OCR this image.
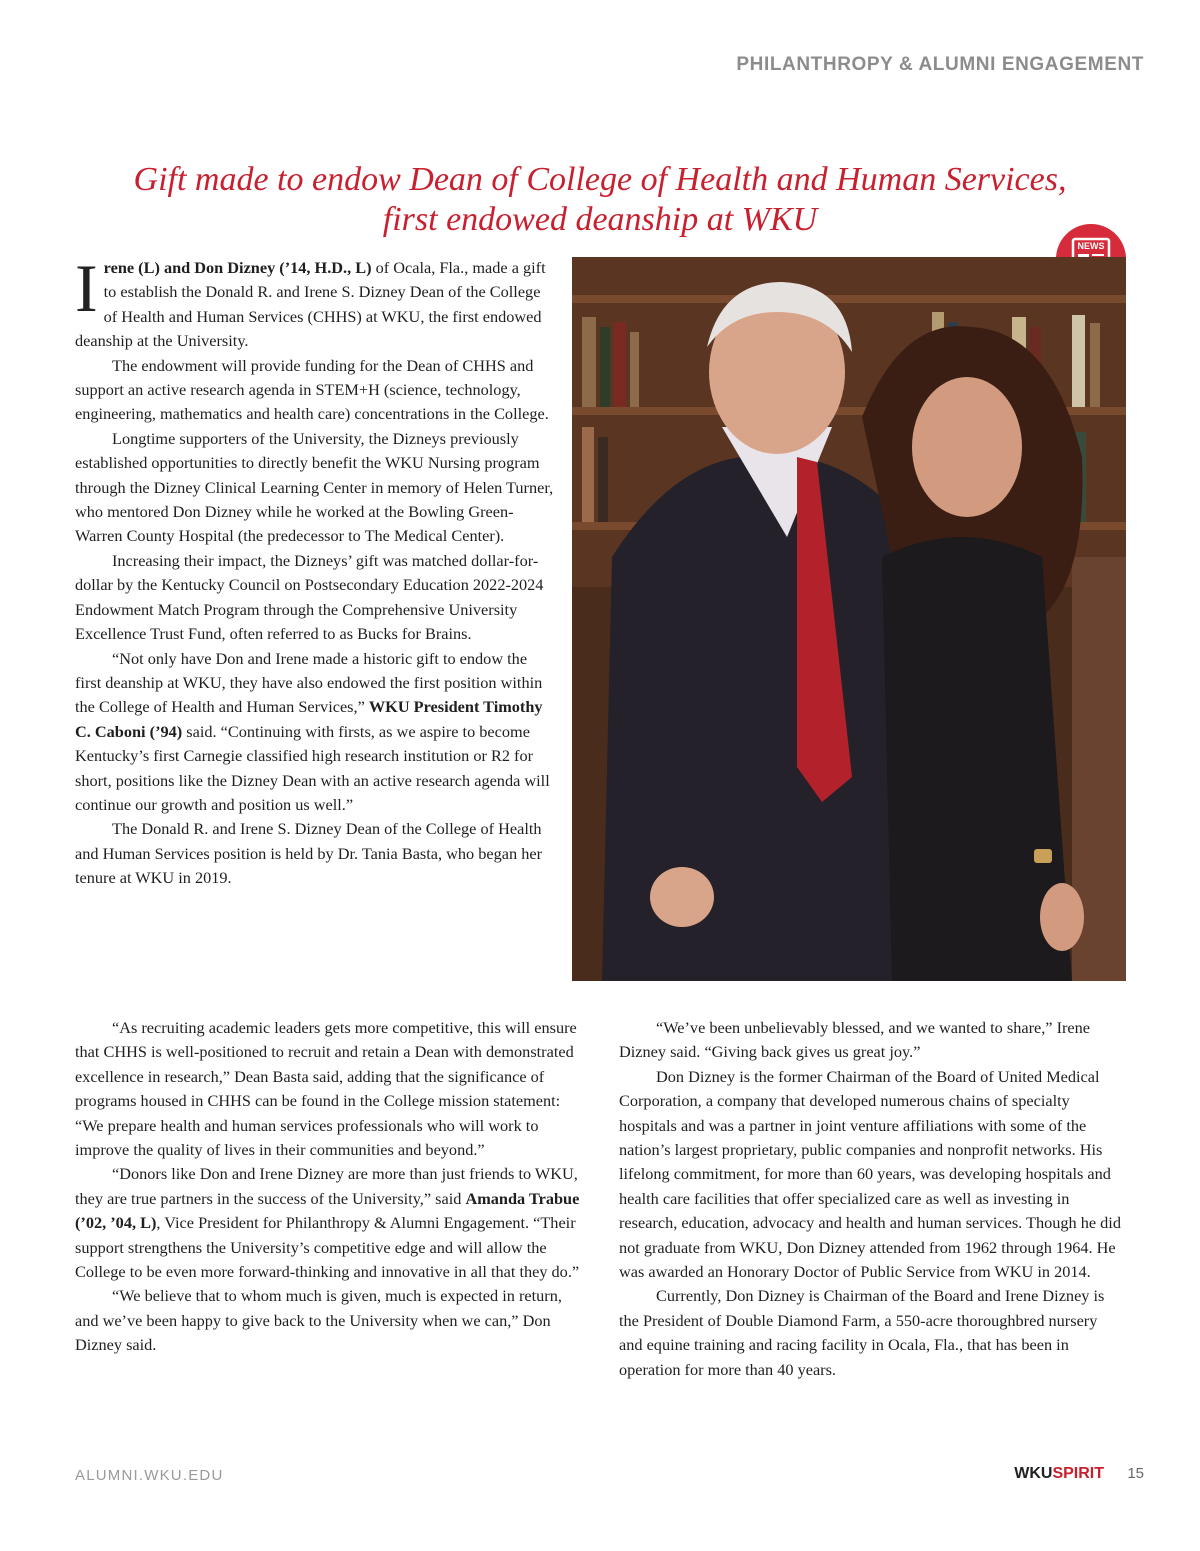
PHILANTHROPY & ALUMNI ENGAGEMENT
Gift made to endow Dean of College of Health and Human Services,
first endowed deanship at WKU
NEWS

Irene (L) and Don Dizney (’14, H.D., L) of Ocala, Fla., made a gift to establish the Donald R. and Irene S. Dizney Dean of the College of Health and Human Services (CHHS) at WKU, the first endowed deanship at the University.

The endowment will provide funding for the Dean of CHHS and support an active research agenda in STEM+H (science, technology, engineering, mathematics and health care) concentrations in the College.

Longtime supporters of the University, the Dizneys previously established opportunities to directly benefit the WKU Nursing program through the Dizney Clinical Learning Center in memory of Helen Turner, who mentored Don Dizney while he worked at the Bowling Green-Warren County Hospital (the predecessor to The Medical Center).

Increasing their impact, the Dizneys’ gift was matched dollar-for-dollar by the Kentucky Council on Postsecondary Education 2022-2024 Endowment Match Program through the Comprehensive University Excellence Trust Fund, often referred to as Bucks for Brains.

“Not only have Don and Irene made a historic gift to endow the first deanship at WKU, they have also endowed the first position within the College of Health and Human Services,” WKU President Timothy C. Caboni (’94) said. “Continuing with firsts, as we aspire to become Kentucky’s first Carnegie classified high research institution or R2 for short, positions like the Dizney Dean with an active research agenda will continue our growth and position us well.”

The Donald R. and Irene S. Dizney Dean of the College of Health and Human Services position is held by Dr. Tania Basta, who began her tenure at WKU in 2019.

“As recruiting academic leaders gets more competitive, this will ensure that CHHS is well-positioned to recruit and retain a Dean with demonstrated excellence in research,” Dean Basta said, adding that the significance of programs housed in CHHS can be found in the College mission statement: “We prepare health and human services professionals who will work to improve the quality of lives in their communities and beyond.”

“Donors like Don and Irene Dizney are more than just friends to WKU, they are true partners in the success of the University,” said Amanda Trabue (’02, ’04, L), Vice President for Philanthropy & Alumni Engagement. “Their support strengthens the University’s competitive edge and will allow the College to be even more forward-thinking and innovative in all that they do.”

“We believe that to whom much is given, much is expected in return, and we’ve been happy to give back to the University when we can,” Don Dizney said.

“We’ve been unbelievably blessed, and we wanted to share,” Irene Dizney said. “Giving back gives us great joy.”

Don Dizney is the former Chairman of the Board of United Medical Corporation, a company that developed numerous chains of specialty hospitals and was a partner in joint venture affiliations with some of the nation’s largest proprietary, public companies and nonprofit networks. His lifelong commitment, for more than 60 years, was developing hospitals and health care facilities that offer specialized care as well as investing in research, education, advocacy and health and human services. Though he did not graduate from WKU, Don Dizney attended from 1962 through 1964. He was awarded an Honorary Doctor of Public Service from WKU in 2014.

Currently, Don Dizney is Chairman of the Board and Irene Dizney is the President of Double Diamond Farm, a 550-acre thoroughbred nursery and equine training and racing facility in Ocala, Fla., that has been in operation for more than 40 years.

ALUMNI.WKU.EDU	WKUSPIRIT 15
